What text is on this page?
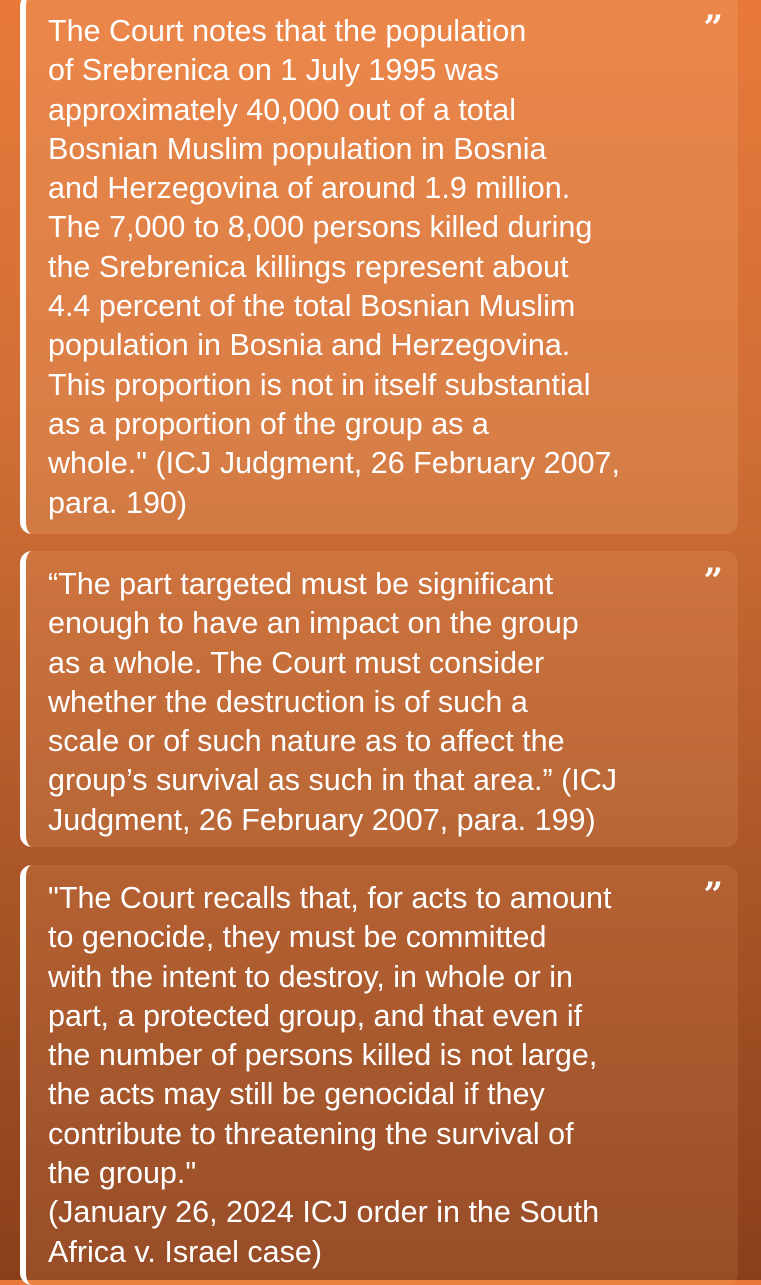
The Court notes that the population
of Srebrenica on 1 July 1995 was
approximately 40,000 out of a total
Bosnian Muslim population in Bosnia
and Herzegovina of around 1.9 million.
The 7,000 to 8,000 persons killed during
the Srebrenica killings represent about
4.4 percent of the total Bosnian Muslim
population in Bosnia and Herzegovina.
This proportion is not in itself substantial
as a proportion of the group as a
whole." (ICJ Judgment, 26 February 2007,
para. 190)

”

“The part targeted must be significant
enough to have an impact on the group
as a whole. The Court must consider
whether the destruction is of such a
scale or of such nature as to affect the
group’s survival as such in that area.” (ICJ
Judgment, 26 February 2007, para. 199)

”

"The Court recalls that, for acts to amount
to genocide, they must be committed
with the intent to destroy, in whole or in
part, a protected group, and that even if
the number of persons killed is not large,
the acts may still be genocidal if they
contribute to threatening the survival of
the group."
(January 26, 2024 ICJ order in the South
Africa v. Israel case)

”
